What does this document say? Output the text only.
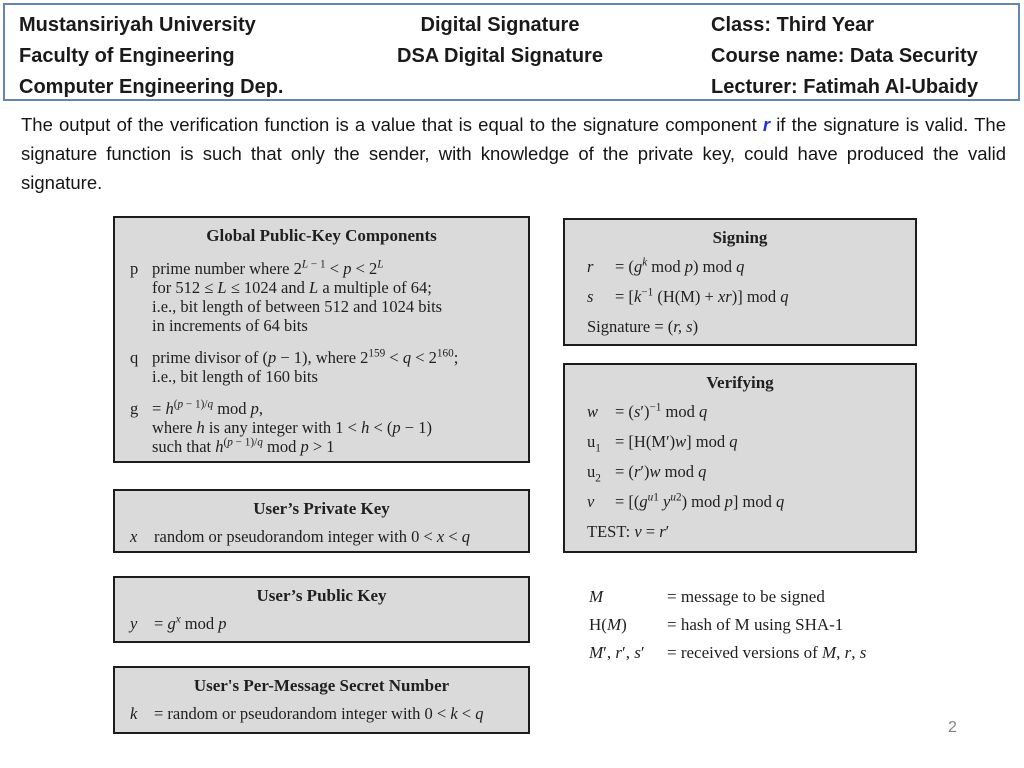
Mustansiriyah University
Faculty of Engineering
Computer Engineering Dep.
Digital Signature
DSA Digital Signature
Class: Third Year
Course name: Data Security
Lecturer: Fatimah Al-Ubaidy

The output of the verification function is a value that is equal to the signature component r if the signature is valid. The signature function is such that only the sender, with knowledge of the private key, could have produced the valid signature.

Global Public-Key Components
p prime number where $2^{L - 1} < p < 2^L$
for 512 ≤ L ≤ 1024 and L a multiple of 64;
i.e., bit length of between 512 and 1024 bits
in increments of 64 bits
q prime divisor of (p − 1), where $2^{159} < q < 2^{160}$;
i.e., bit length of 160 bits
$g = h^{(p - 1)/q}$ mod p,
where h is any integer with 1 < h < (p − 1)
such that $h^{(p - 1)/q}$ mod p > 1
User’s Private Key
x	random or pseudorandom integer with 0 < x < q
User’s Public Key
y	= $g^x$ mod p
User's Per-Message Secret Number
k	= random or pseudorandom integer with 0 < k < q
Signing
r	= ($g^k$ mod p) mod q
s	= [$k^{-1}$ (H(M) + xr)] mod q
Signature = (r, s)
Verifying
w	= $(s')^{-1}$ mod q
$u_1 = [H(M')w]$ mod q
$u_2 = (r')w$ mod q
v	= [($g^{u1}$ $y^{u2}$) mod p] mod q
TEST: v = r′
M	= message to be signed
H(M)	= hash of M using SHA-1
M′, r′, s′	= received versions of M, r, s
2
